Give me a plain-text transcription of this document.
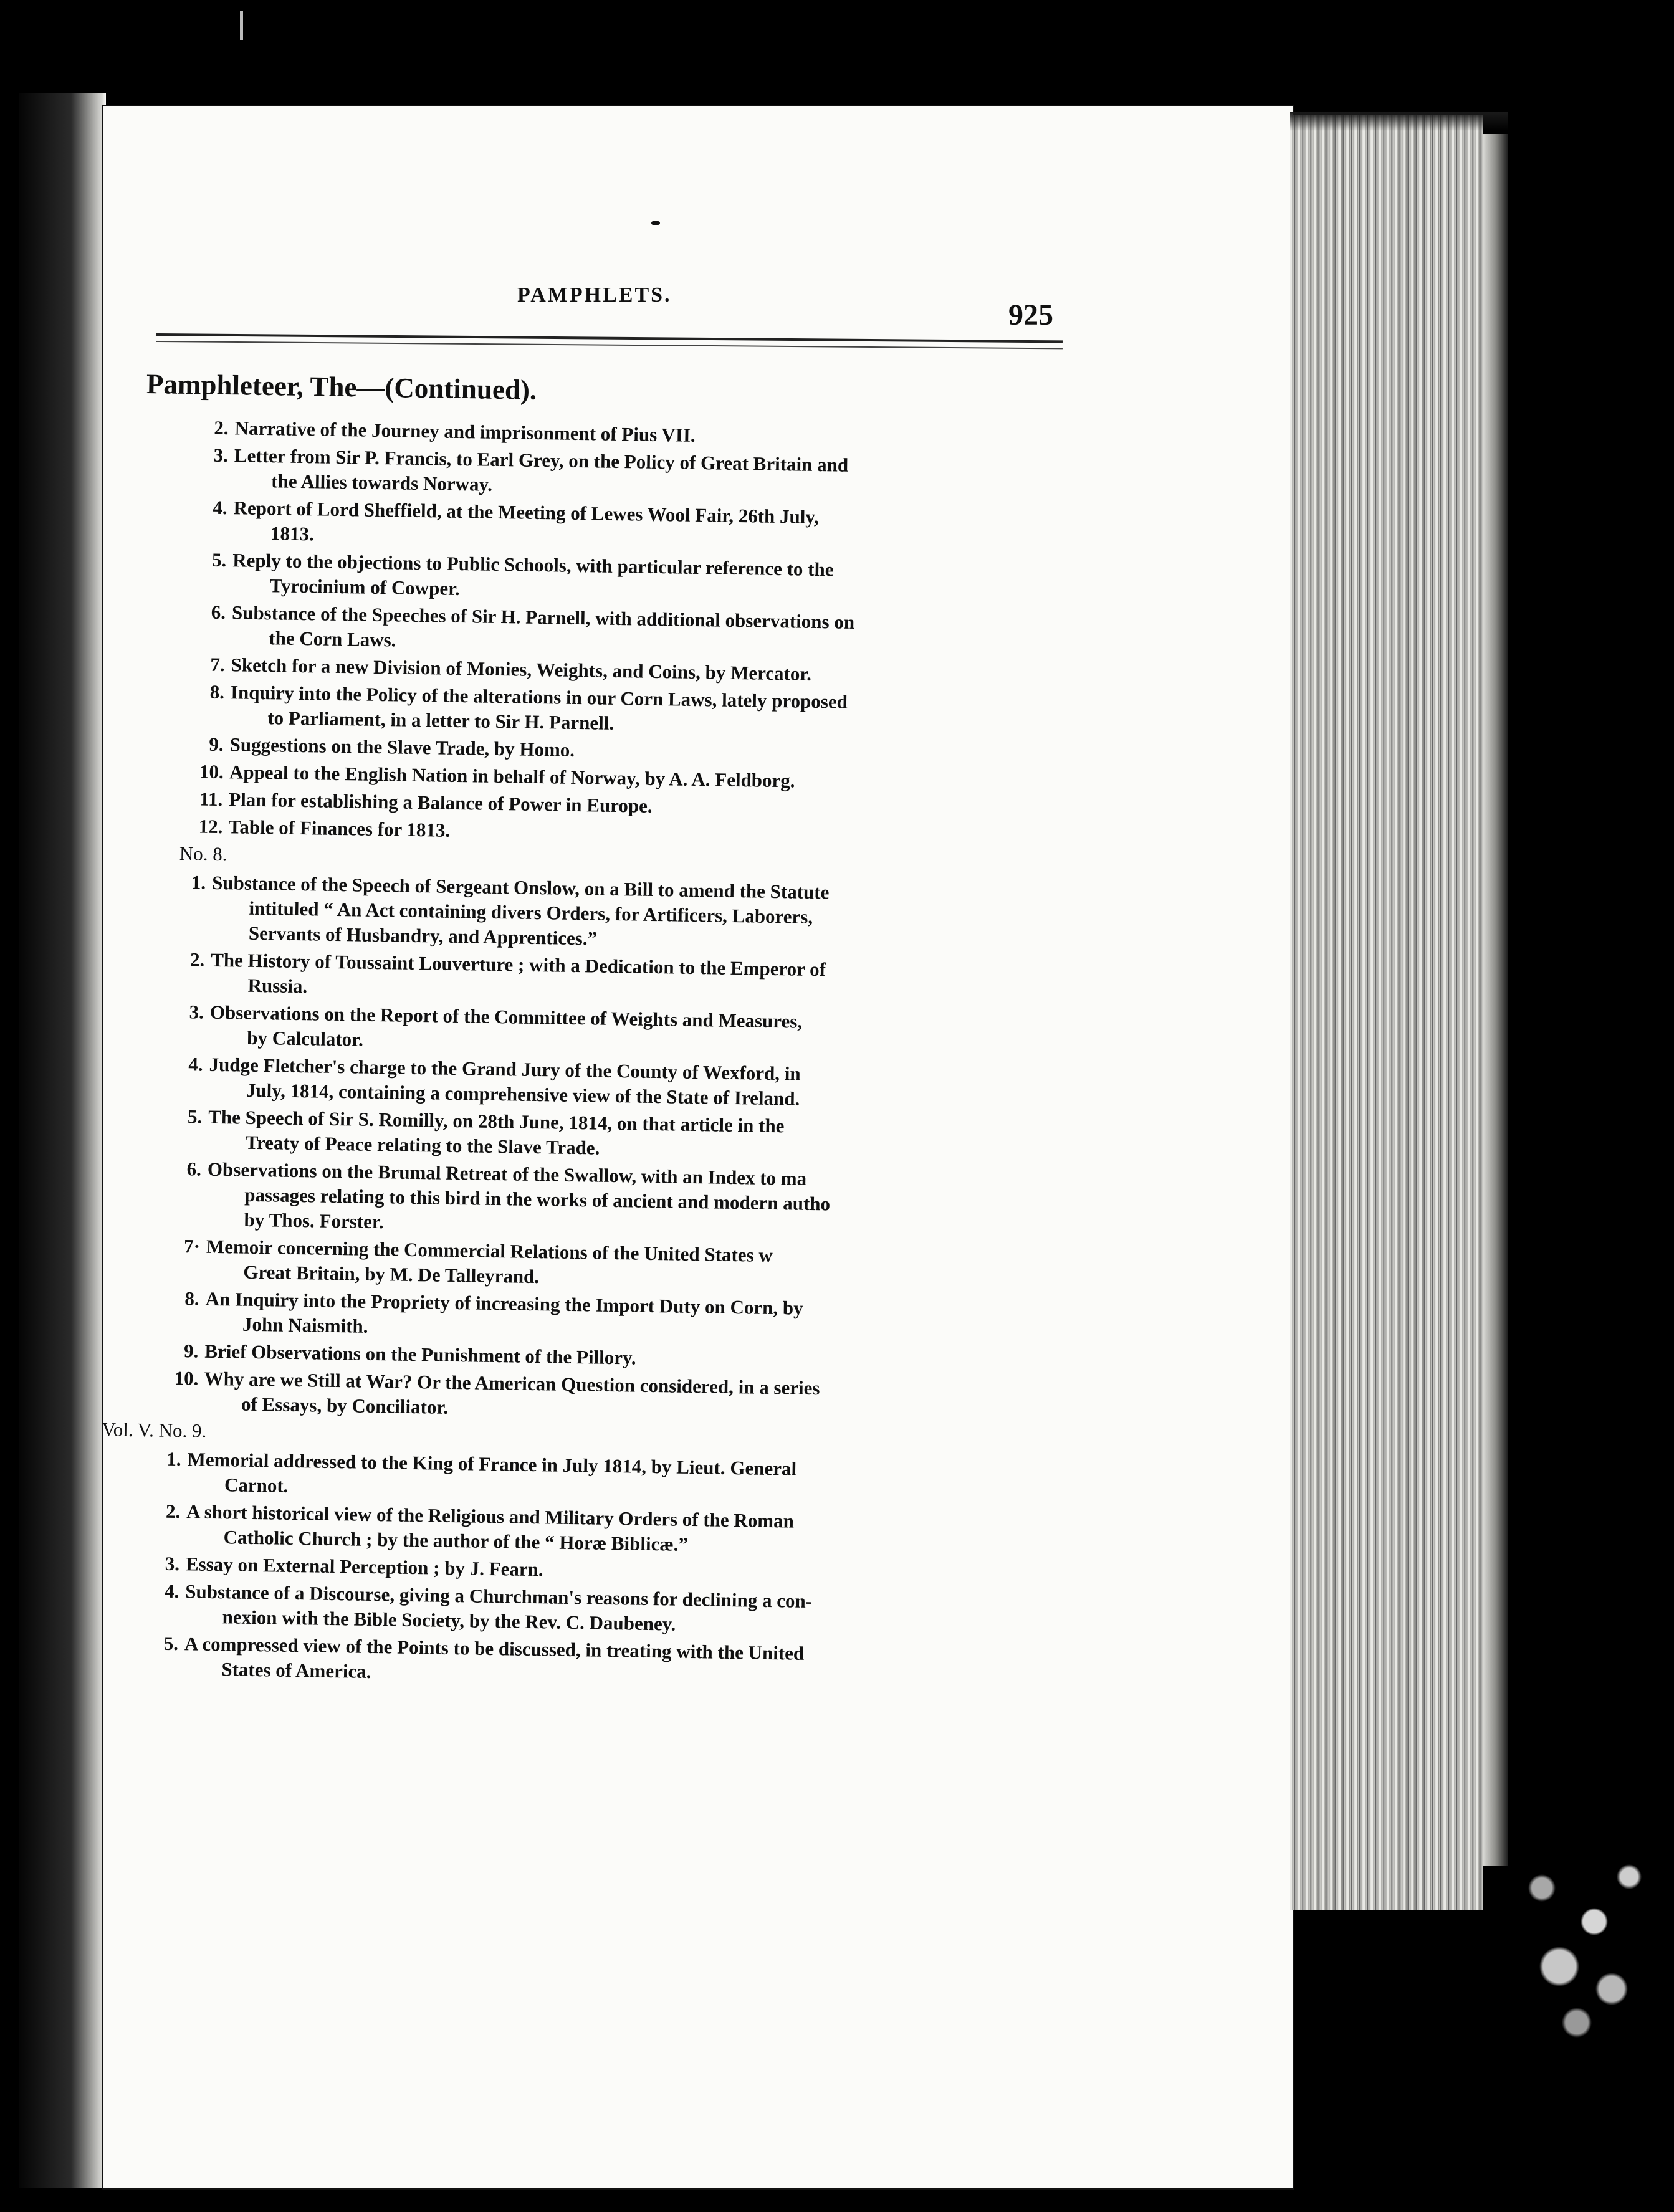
PAMPHLETS.
925
Pamphleteer, The—(Continued).
No. 8.
Vol. V. No. 9.
2. Narrative of the Journey and imprisonment of Pius VII.
3. Letter from Sir P. Francis, to Earl Grey, on the Policy of Great Britain and
the Allies towards Norway.
4. Report of Lord Sheffield, at the Meeting of Lewes Wool Fair, 26th July,
1813.
5. Reply to the objections to Public Schools, with particular reference to the
Tyrocinium of Cowper.
6. Substance of the Speeches of Sir H. Parnell, with additional observations on
the Corn Laws.
7. Sketch for a new Division of Monies, Weights, and Coins, by Mercator.
8. Inquiry into the Policy of the alterations in our Corn Laws, lately proposed
to Parliament, in a letter to Sir H. Parnell.
9. Suggestions on the Slave Trade, by Homo.
10. Appeal to the English Nation in behalf of Norway, by A. A. Feldborg.
11. Plan for establishing a Balance of Power in Europe.
12. Table of Finances for 1813.
1. Substance of the Speech of Sergeant Onslow, on a Bill to amend the Statute
intituled “ An Act containing divers Orders, for Artificers, Laborers,
Servants of Husbandry, and Apprentices.”
2. The History of Toussaint Louverture ; with a Dedication to the Emperor of
Russia.
3. Observations on the Report of the Committee of Weights and Measures,
by Calculator.
4. Judge Fletcher's charge to the Grand Jury of the County of Wexford, in
July, 1814, containing a comprehensive view of the State of Ireland.
5. The Speech of Sir S. Romilly, on 28th June, 1814, on that article in the
Treaty of Peace relating to the Slave Trade.
6. Observations on the Brumal Retreat of the Swallow, with an Index to ma
passages relating to this bird in the works of ancient and modern autho
by Thos. Forster.
7· Memoir concerning the Commercial Relations of the United States w
Great Britain, by M. De Talleyrand.
8. An Inquiry into the Propriety of increasing the Import Duty on Corn, by
John Naismith.
9. Brief Observations on the Punishment of the Pillory.
10. Why are we Still at War? Or the American Question considered, in a series
of Essays, by Conciliator.
1. Memorial addressed to the King of France in July 1814, by Lieut. General
Carnot.
2. A short historical view of the Religious and Military Orders of the Roman
Catholic Church ; by the author of the “ Horæ Biblicæ.”
3. Essay on External Perception ; by J. Fearn.
4. Substance of a Discourse, giving a Churchman's reasons for declining a con-
nexion with the Bible Society, by the Rev. C. Daubeney.
5. A compressed view of the Points to be discussed, in treating with the United
States of America.
